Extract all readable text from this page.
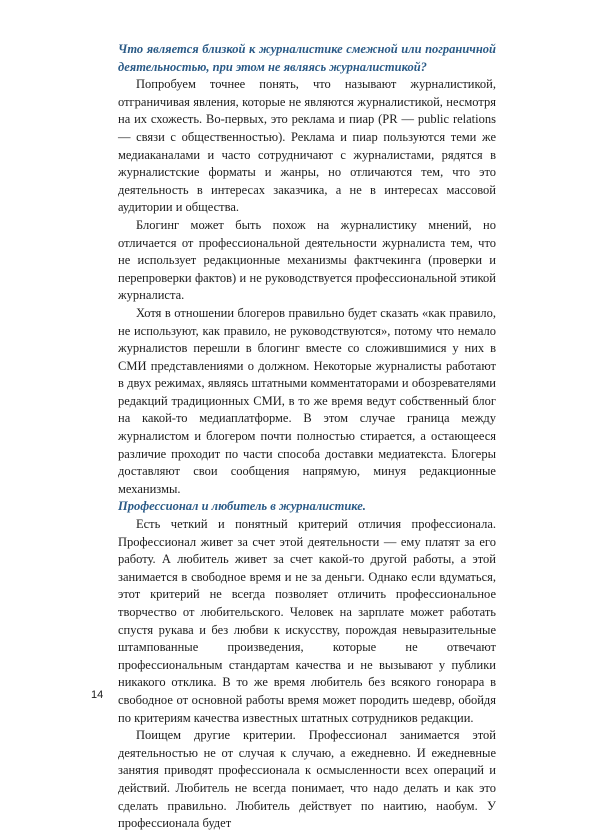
Что является близкой к журналистике смежной или пограничной деятельностью, при этом не являясь журналистикой?

Попробуем точнее понять, что называют журналистикой, отграничивая явления, которые не являются журналистикой, несмотря на их схожесть. Во-первых, это реклама и пиар (PR — public relations — связи с общественностью). Реклама и пиар пользуются теми же медиаканалами и часто сотрудничают с журналистами, рядятся в журналистские форматы и жанры, но отличаются тем, что это деятельность в интересах заказчика, а не в интересах массовой аудитории и общества.

Блогинг может быть похож на журналистику мнений, но отличается от профессиональной деятельности журналиста тем, что не использует редакционные механизмы фактчекинга (проверки и перепроверки фактов) и не руководствуется профессиональной этикой журналиста.

Хотя в отношении блогеров правильно будет сказать «как правило, не используют, как правило, не руководствуются», потому что немало журналистов перешли в блогинг вместе со сложившимися у них в СМИ представлениями о должном. Некоторые журналисты работают в двух режимах, являясь штатными комментаторами и обозревателями редакций традиционных СМИ, в то же время ведут собственный блог на какой-то медиаплатформе. В этом случае граница между журналистом и блогером почти полностью стирается, а остающееся различие проходит по части способа доставки медиатекста. Блогеры доставляют свои сообщения напрямую, минуя редакционные механизмы.

Профессионал и любитель в журналистике.

Есть четкий и понятный критерий отличия профессионала. Профессионал живет за счет этой деятельности — ему платят за его работу. А любитель живет за счет какой-то другой работы, а этой занимается в свободное время и не за деньги. Однако если вдуматься, этот критерий не всегда позволяет отличить профессиональное творчество от любительского. Человек на зарплате может работать спустя рукава и без любви к искусству, порождая невыразительные штампованные произведения, которые не отвечают профессиональным стандартам качества и не вызывают у публики никакого отклика. В то же время любитель без всякого гонорара в свободное от основной работы время может породить шедевр, обойдя по критериям качества известных штатных сотрудников редакции.

Поищем другие критерии. Профессионал занимается этой деятельностью не от случая к случаю, а ежедневно. И ежедневные занятия приводят профессионала к осмысленности всех операций и действий. Любитель не всегда понимает, что надо делать и как это сделать правильно. Любитель действует по наитию, наобум. У профессионала будет

14
